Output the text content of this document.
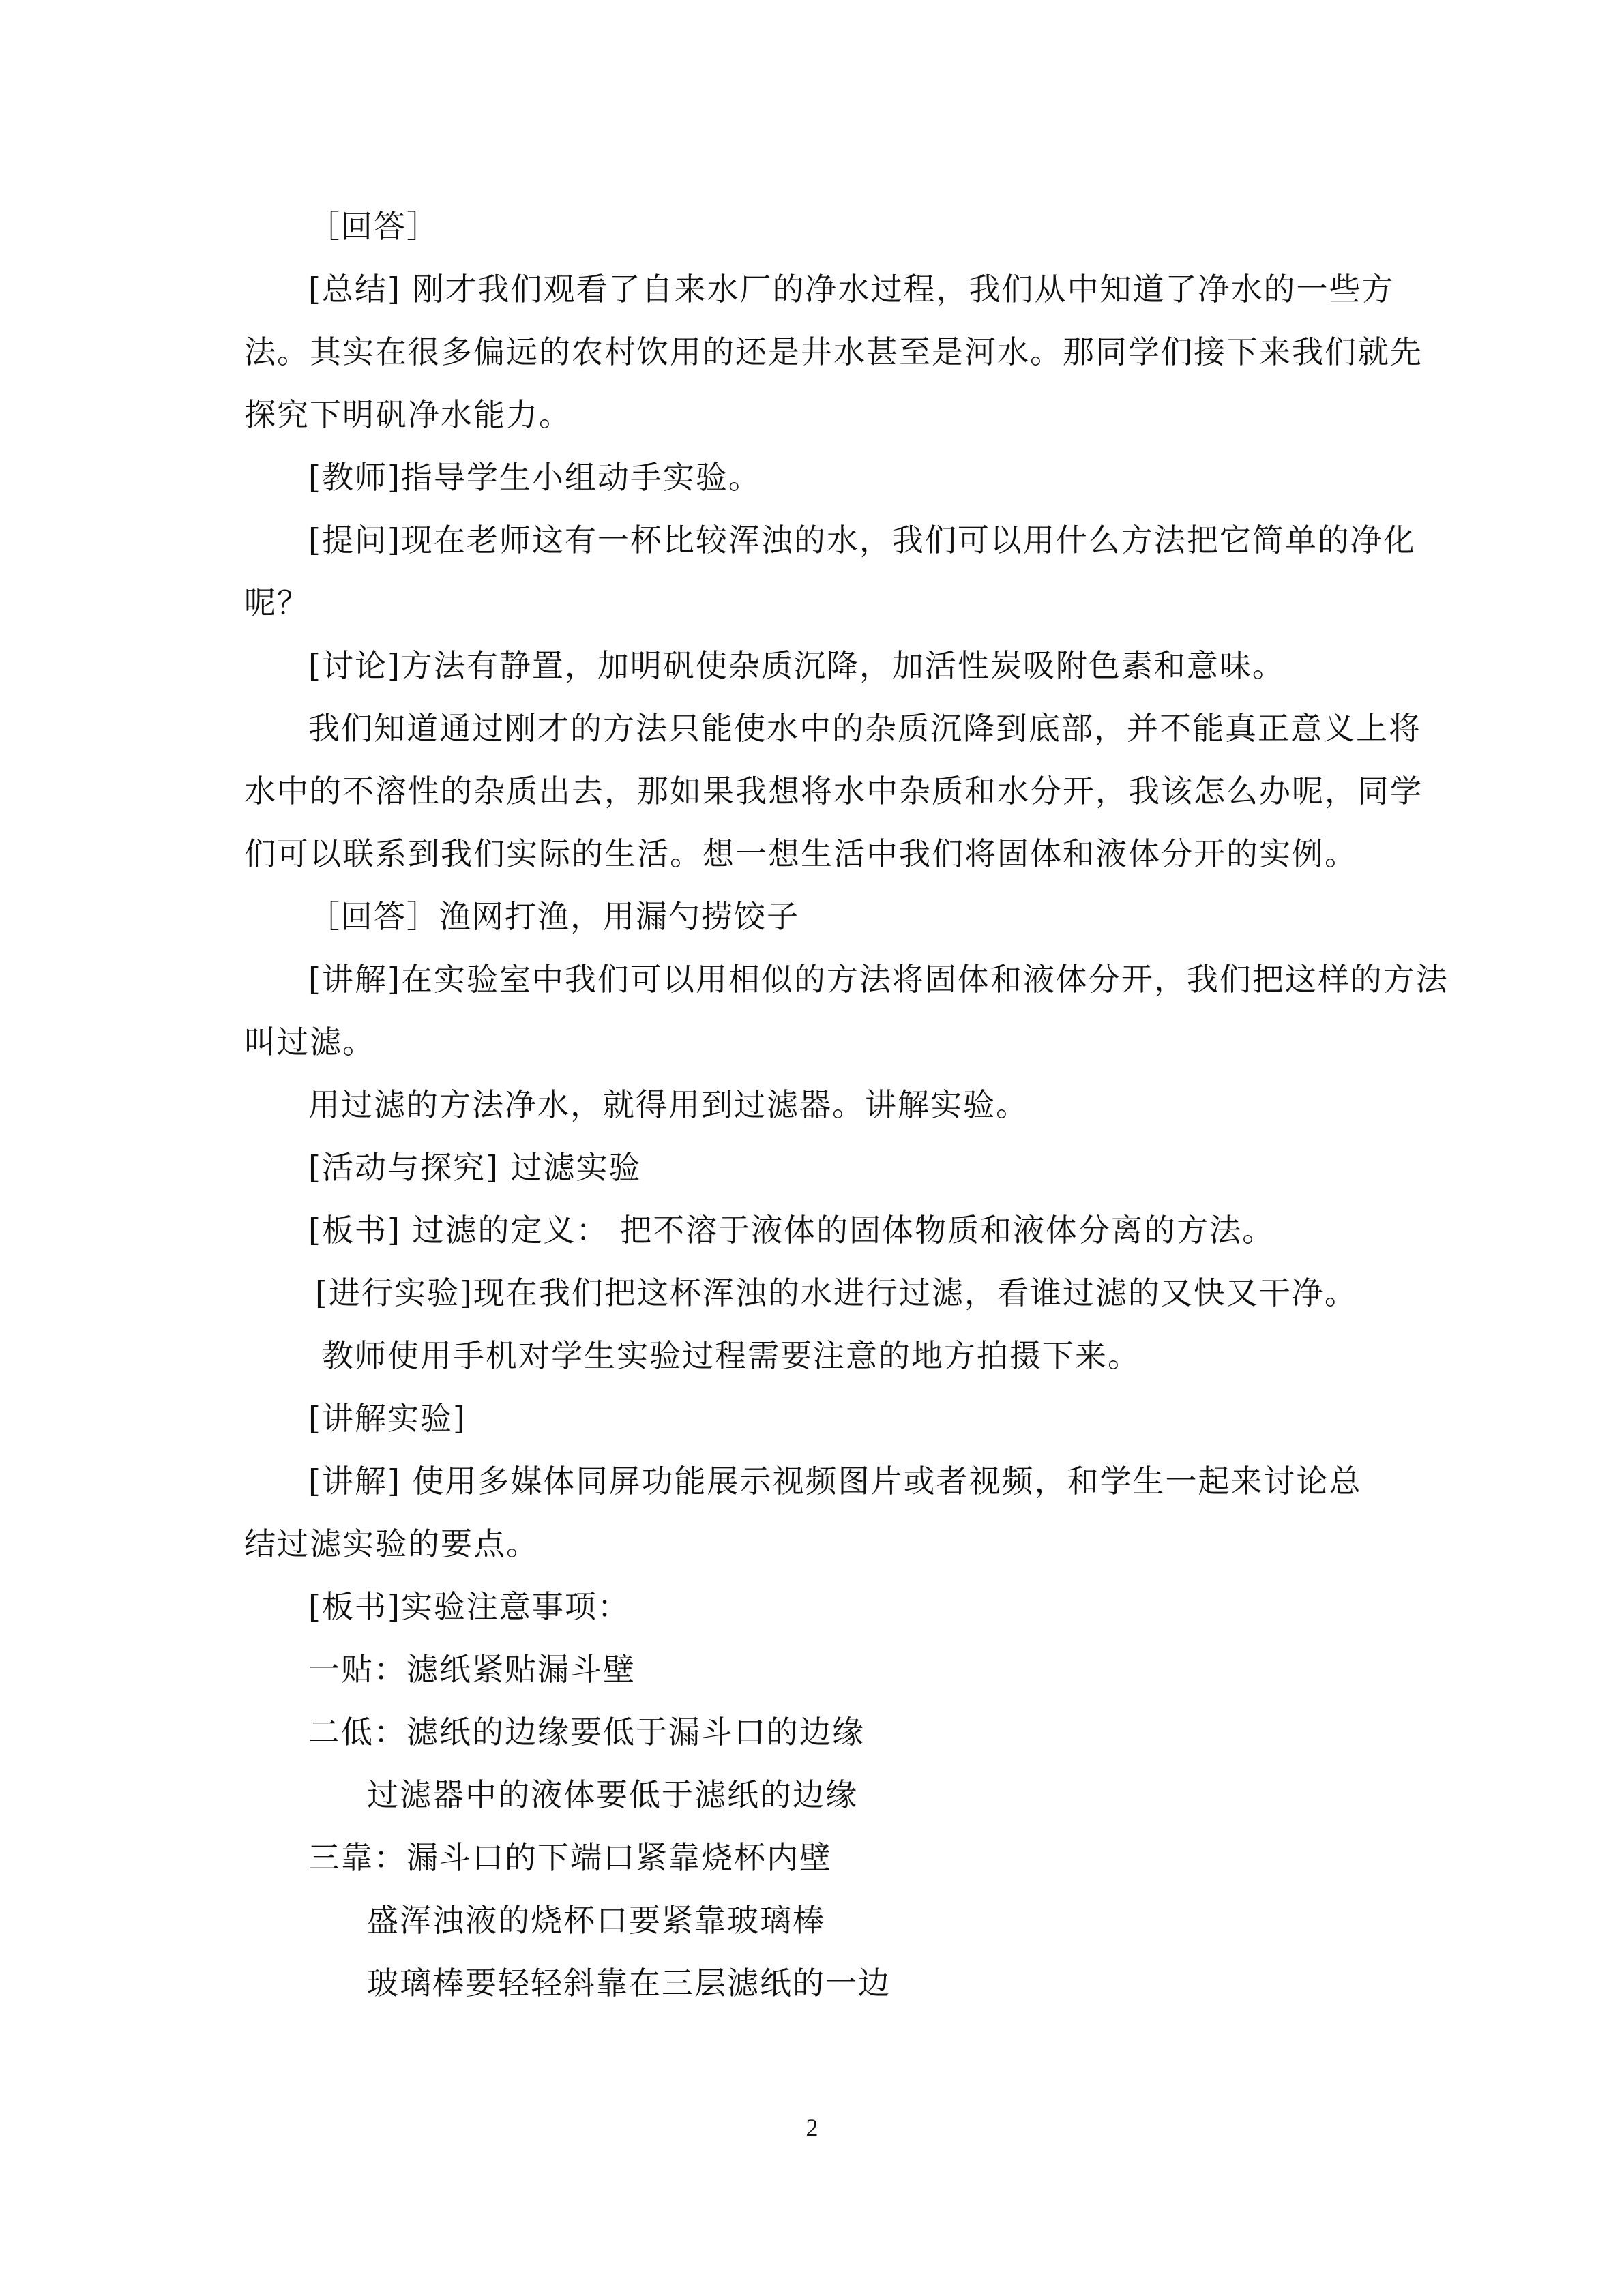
［回答］
[总结] 刚才我们观看了自来水厂的净水过程，我们从中知道了净水的一些方
法。其实在很多偏远的农村饮用的还是井水甚至是河水。那同学们接下来我们就先
探究下明矾净水能力。
[教师]指导学生小组动手实验。
[提问]现在老师这有一杯比较浑浊的水，我们可以用什么方法把它简单的净化
呢？
[讨论]方法有静置，加明矾使杂质沉降，加活性炭吸附色素和意味。
我们知道通过刚才的方法只能使水中的杂质沉降到底部，并不能真正意义上将
水中的不溶性的杂质出去，那如果我想将水中杂质和水分开，我该怎么办呢，同学
们可以联系到我们实际的生活。想一想生活中我们将固体和液体分开的实例。
［回答］渔网打渔，用漏勺捞饺子
[讲解]在实验室中我们可以用相似的方法将固体和液体分开，我们把这样的方法
叫过滤。
用过滤的方法净水，就得用到过滤器。讲解实验。
[活动与探究] 过滤实验
[板书] 过滤的定义： 把不溶于液体的固体物质和液体分离的方法。
[进行实验]现在我们把这杯浑浊的水进行过滤，看谁过滤的又快又干净。
教师使用手机对学生实验过程需要注意的地方拍摄下来。
[讲解实验]
[讲解] 使用多媒体同屏功能展示视频图片或者视频，和学生一起来讨论总
结过滤实验的要点。
[板书]实验注意事项：
一贴：滤纸紧贴漏斗壁
二低：滤纸的边缘要低于漏斗口的边缘
过滤器中的液体要低于滤纸的边缘
三靠：漏斗口的下端口紧靠烧杯内壁
盛浑浊液的烧杯口要紧靠玻璃棒
玻璃棒要轻轻斜靠在三层滤纸的一边
2
